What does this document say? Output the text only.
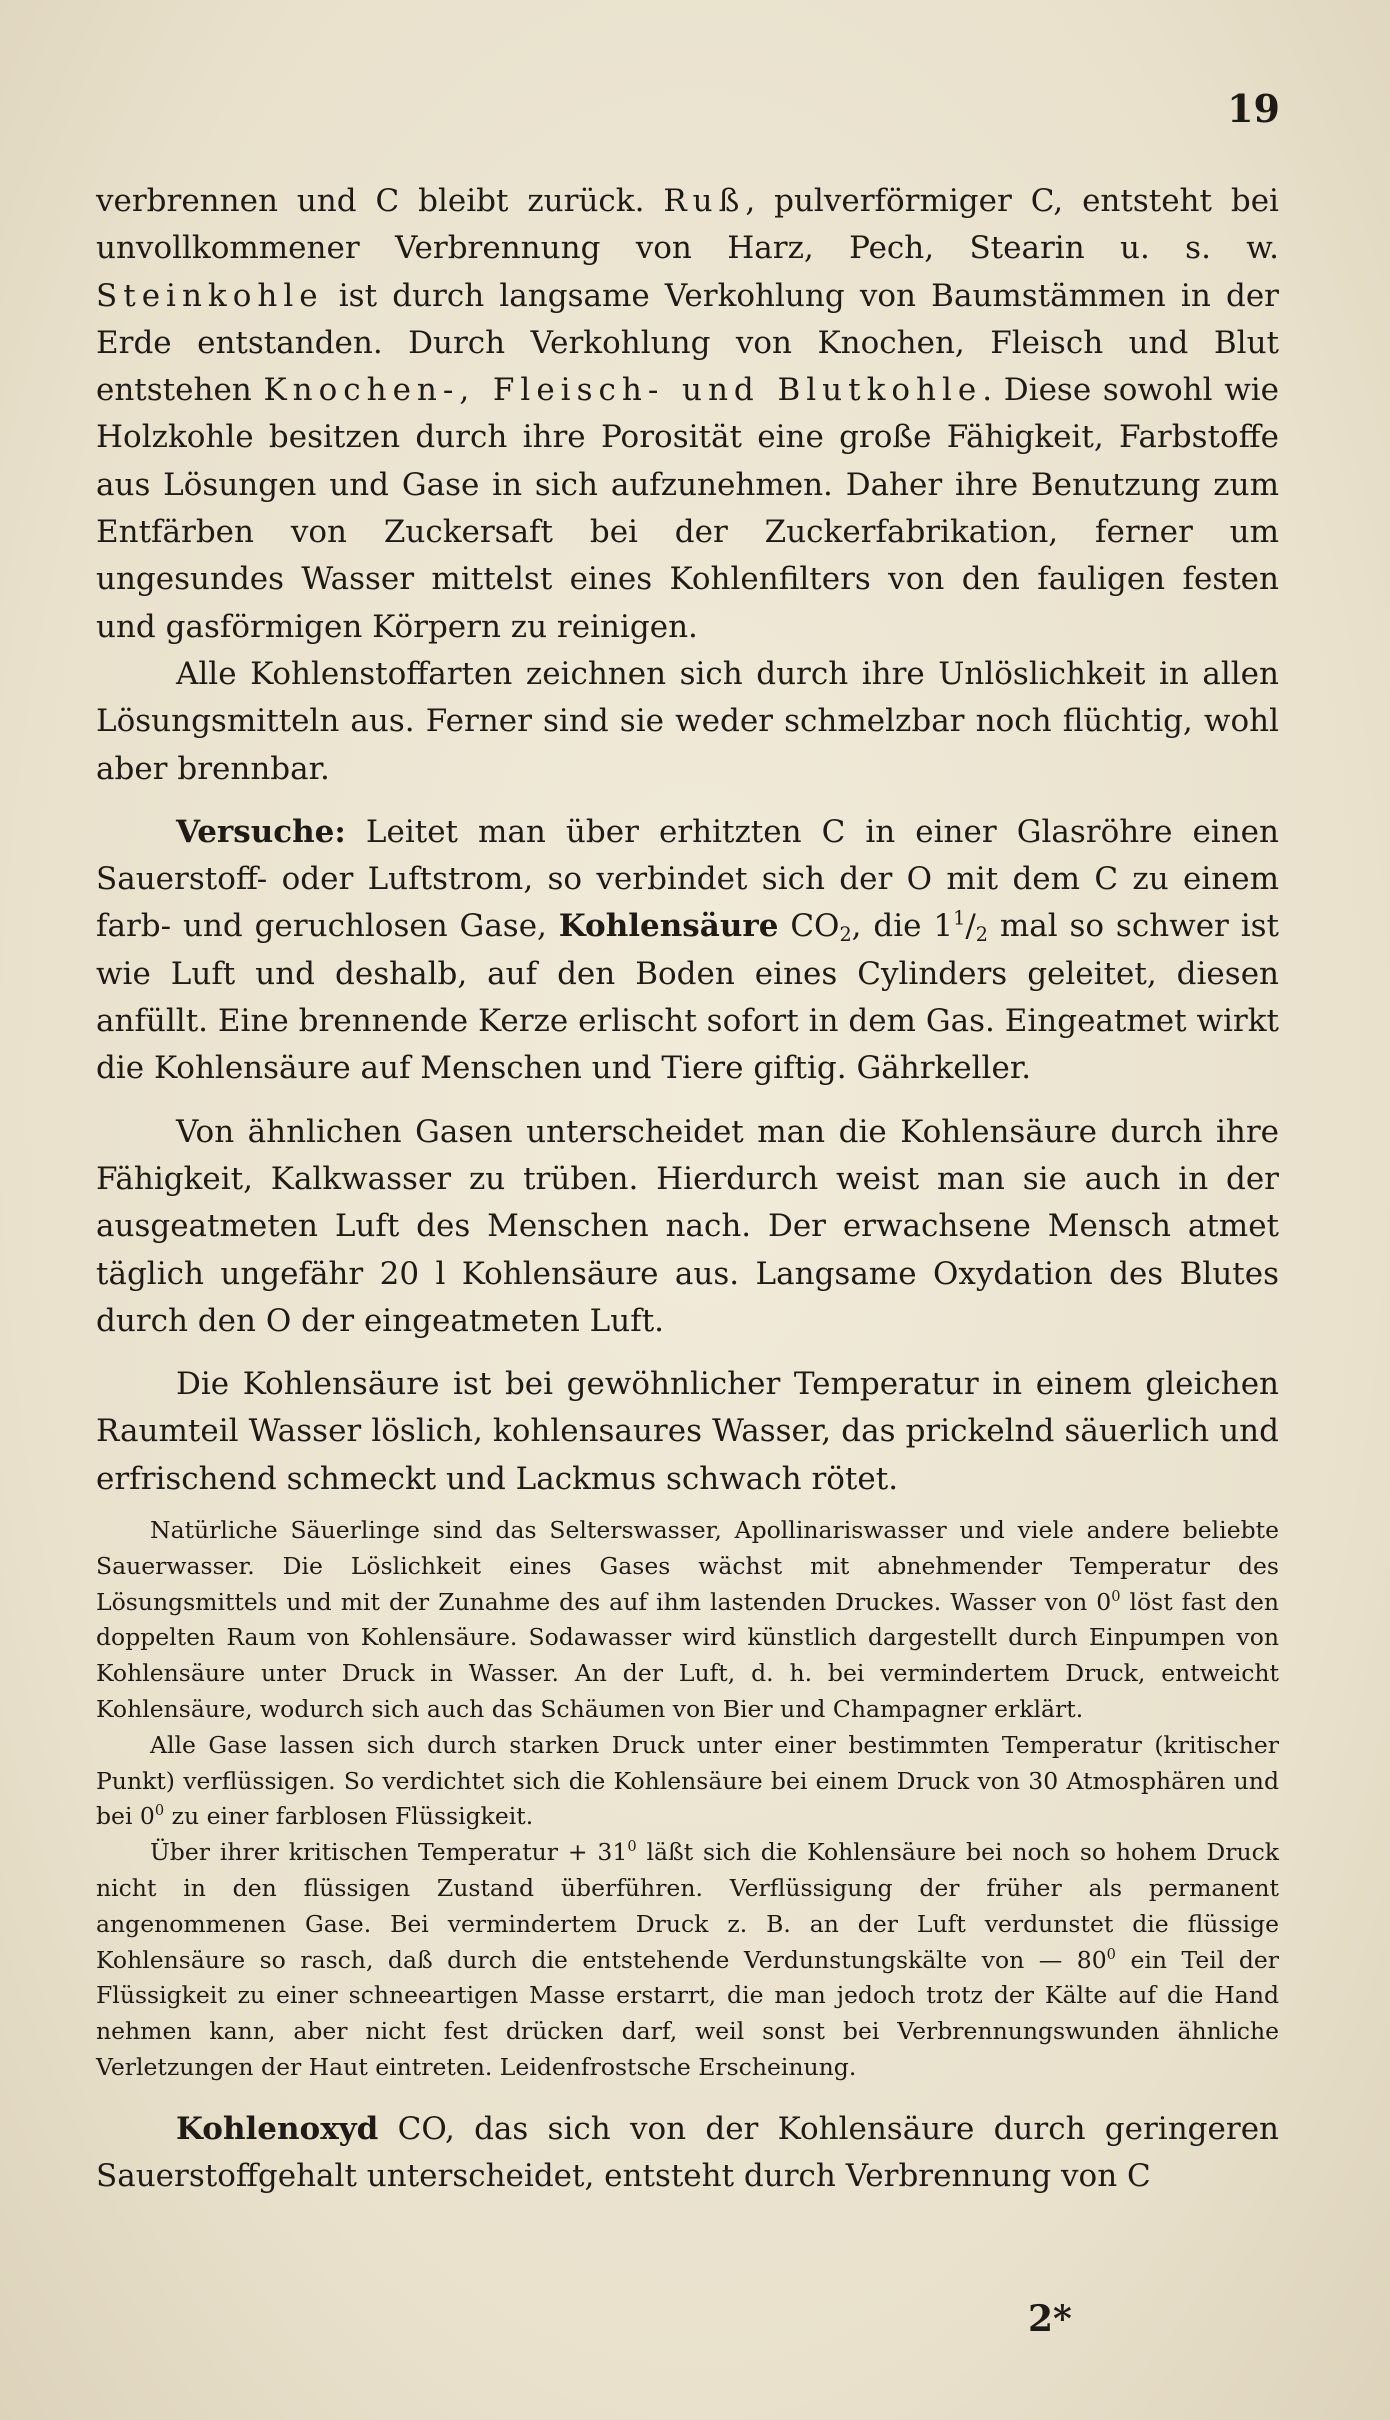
19

verbrennen und C bleibt zurück. Ruß, pulverförmiger C, entsteht bei unvollkommener Verbrennung von Harz, Pech, Stearin u. s. w. Steinkohle ist durch langsame Verkohlung von Baumstämmen in der Erde entstanden. Durch Verkohlung von Knochen, Fleisch und Blut entstehen Knochen-, Fleisch- und Blutkohle. Diese sowohl wie Holzkohle besitzen durch ihre Porosität eine große Fähigkeit, Farbstoffe aus Lösungen und Gase in sich aufzunehmen. Daher ihre Benutzung zum Entfärben von Zuckersaft bei der Zuckerfabrikation, ferner um ungesundes Wasser mittelst eines Kohlenfilters von den fauligen festen und gasförmigen Körpern zu reinigen.

Alle Kohlenstoffarten zeichnen sich durch ihre Unlöslichkeit in allen Lösungsmitteln aus. Ferner sind sie weder schmelzbar noch flüchtig, wohl aber brennbar.

Versuche: Leitet man über erhitzten C in einer Glasröhre einen Sauerstoff- oder Luftstrom, so verbindet sich der O mit dem C zu einem farb- und geruchlosen Gase, Kohlensäure $CO_2$, die $1^1/_2$ mal so schwer ist wie Luft und deshalb, auf den Boden eines Cylinders geleitet, diesen anfüllt. Eine brennende Kerze erlischt sofort in dem Gas. Eingeatmet wirkt die Kohlensäure auf Menschen und Tiere giftig. Gährkeller.

Von ähnlichen Gasen unterscheidet man die Kohlensäure durch ihre Fähigkeit, Kalkwasser zu trüben. Hierdurch weist man sie auch in der ausgeatmeten Luft des Menschen nach. Der erwachsene Mensch atmet täglich ungefähr 20 l Kohlensäure aus. Langsame Oxydation des Blutes durch den O der eingeatmeten Luft.

Die Kohlensäure ist bei gewöhnlicher Temperatur in einem gleichen Raumteil Wasser löslich, kohlensaures Wasser, das prickelnd säuerlich und erfrischend schmeckt und Lackmus schwach rötet.

Natürliche Säuerlinge sind das Selterswasser, Apollinariswasser und viele andere beliebte Sauerwasser. Die Löslichkeit eines Gases wächst mit abnehmender Temperatur des Lösungsmittels und mit der Zunahme des auf ihm lastenden Druckes. Wasser von $0^0$ löst fast den doppelten Raum von Kohlensäure. Sodawasser wird künstlich dargestellt durch Einpumpen von Kohlensäure unter Druck in Wasser. An der Luft, d. h. bei vermindertem Druck, entweicht Kohlensäure, wodurch sich auch das Schäumen von Bier und Champagner erklärt.

Alle Gase lassen sich durch starken Druck unter einer bestimmten Temperatur (kritischer Punkt) verflüssigen. So verdichtet sich die Kohlensäure bei einem Druck von 30 Atmosphären und bei $0^0$ zu einer farblosen Flüssigkeit.

Über ihrer kritischen Temperatur + $31^0$ läßt sich die Kohlensäure bei noch so hohem Druck nicht in den flüssigen Zustand überführen. Verflüssigung der früher als permanent angenommenen Gase. Bei vermindertem Druck z. B. an der Luft verdunstet die flüssige Kohlensäure so rasch, daß durch die entstehende Verdunstungskälte von — $80^0$ ein Teil der Flüssigkeit zu einer schneeartigen Masse erstarrt, die man jedoch trotz der Kälte auf die Hand nehmen kann, aber nicht fest drücken darf, weil sonst bei Verbrennungswunden ähnliche Verletzungen der Haut eintreten. Leidenfrostsche Erscheinung.

Kohlenoxyd CO, das sich von der Kohlensäure durch geringeren Sauerstoffgehalt unterscheidet, entsteht durch Verbrennung von C

2*
